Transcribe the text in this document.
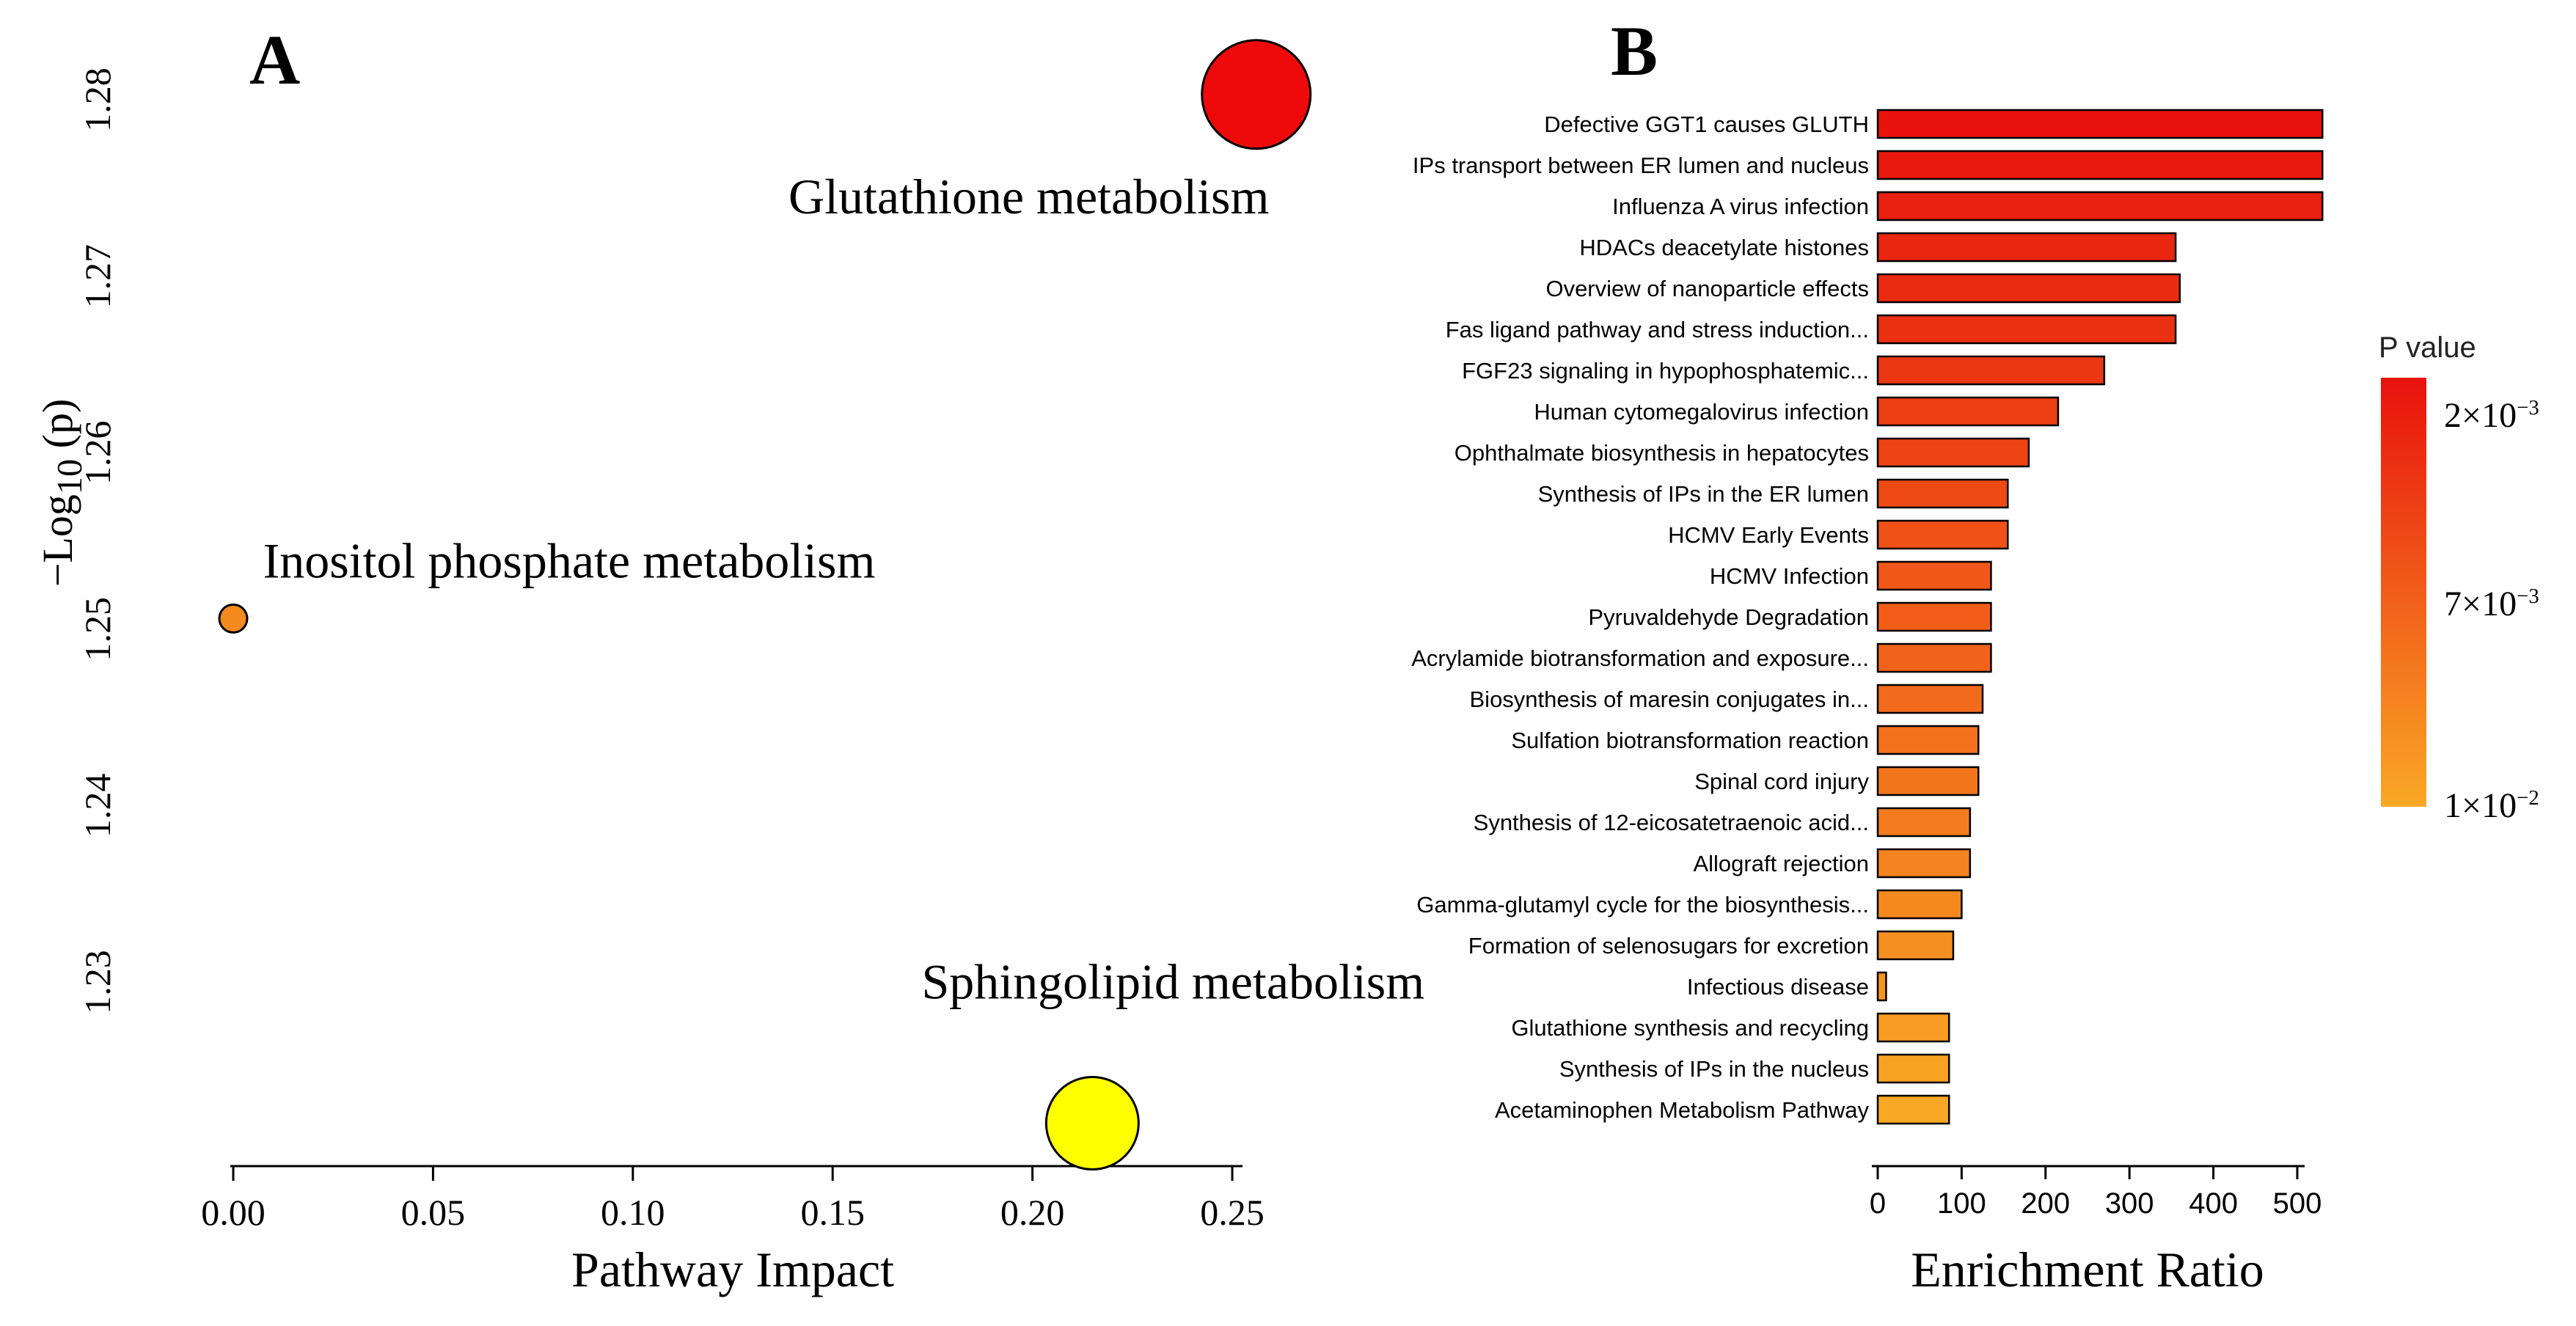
0.00	0.05	0.10	0.15	0.20	0.25
1.23
1.24
1.25
1.26
1.27
1.28
Glutathione metabolism
Inositol phosphate metabolism
Sphingolipid metabolism
Defective GGT1 causes GLUTH
IPs transport between ER lumen and nucleus
Influenza A virus infection
HDACs deacetylate histones
Overview of nanoparticle effects
Fas ligand pathway and stress induction...
FGF23 signaling in hypophosphatemic...
Human cytomegalovirus infection
Ophthalmate biosynthesis in hepatocytes
Synthesis of IPs in the ER lumen
HCMV Early Events
HCMV Infection
Pyruvaldehyde Degradation
Acrylamide biotransformation and exposure...
Biosynthesis of maresin conjugates in...
Sulfation biotransformation reaction
Spinal cord injury
Synthesis of 12-eicosatetraenoic acid...
Allograft rejection
Gamma-glutamyl cycle for the biosynthesis...
Formation of selenosugars for excretion
Infectious disease
Glutathione synthesis and recycling
Synthesis of IPs in the nucleus
Acetaminophen Metabolism Pathway
0 100 200 300 400 500
A	B
−Log$_{10}$ (p)
Pathway Impact	Enrichment Ratio
P value
$2\times 10^{-3}$
$7\times 10^{-3}$
$1\times 10^{-2}$
